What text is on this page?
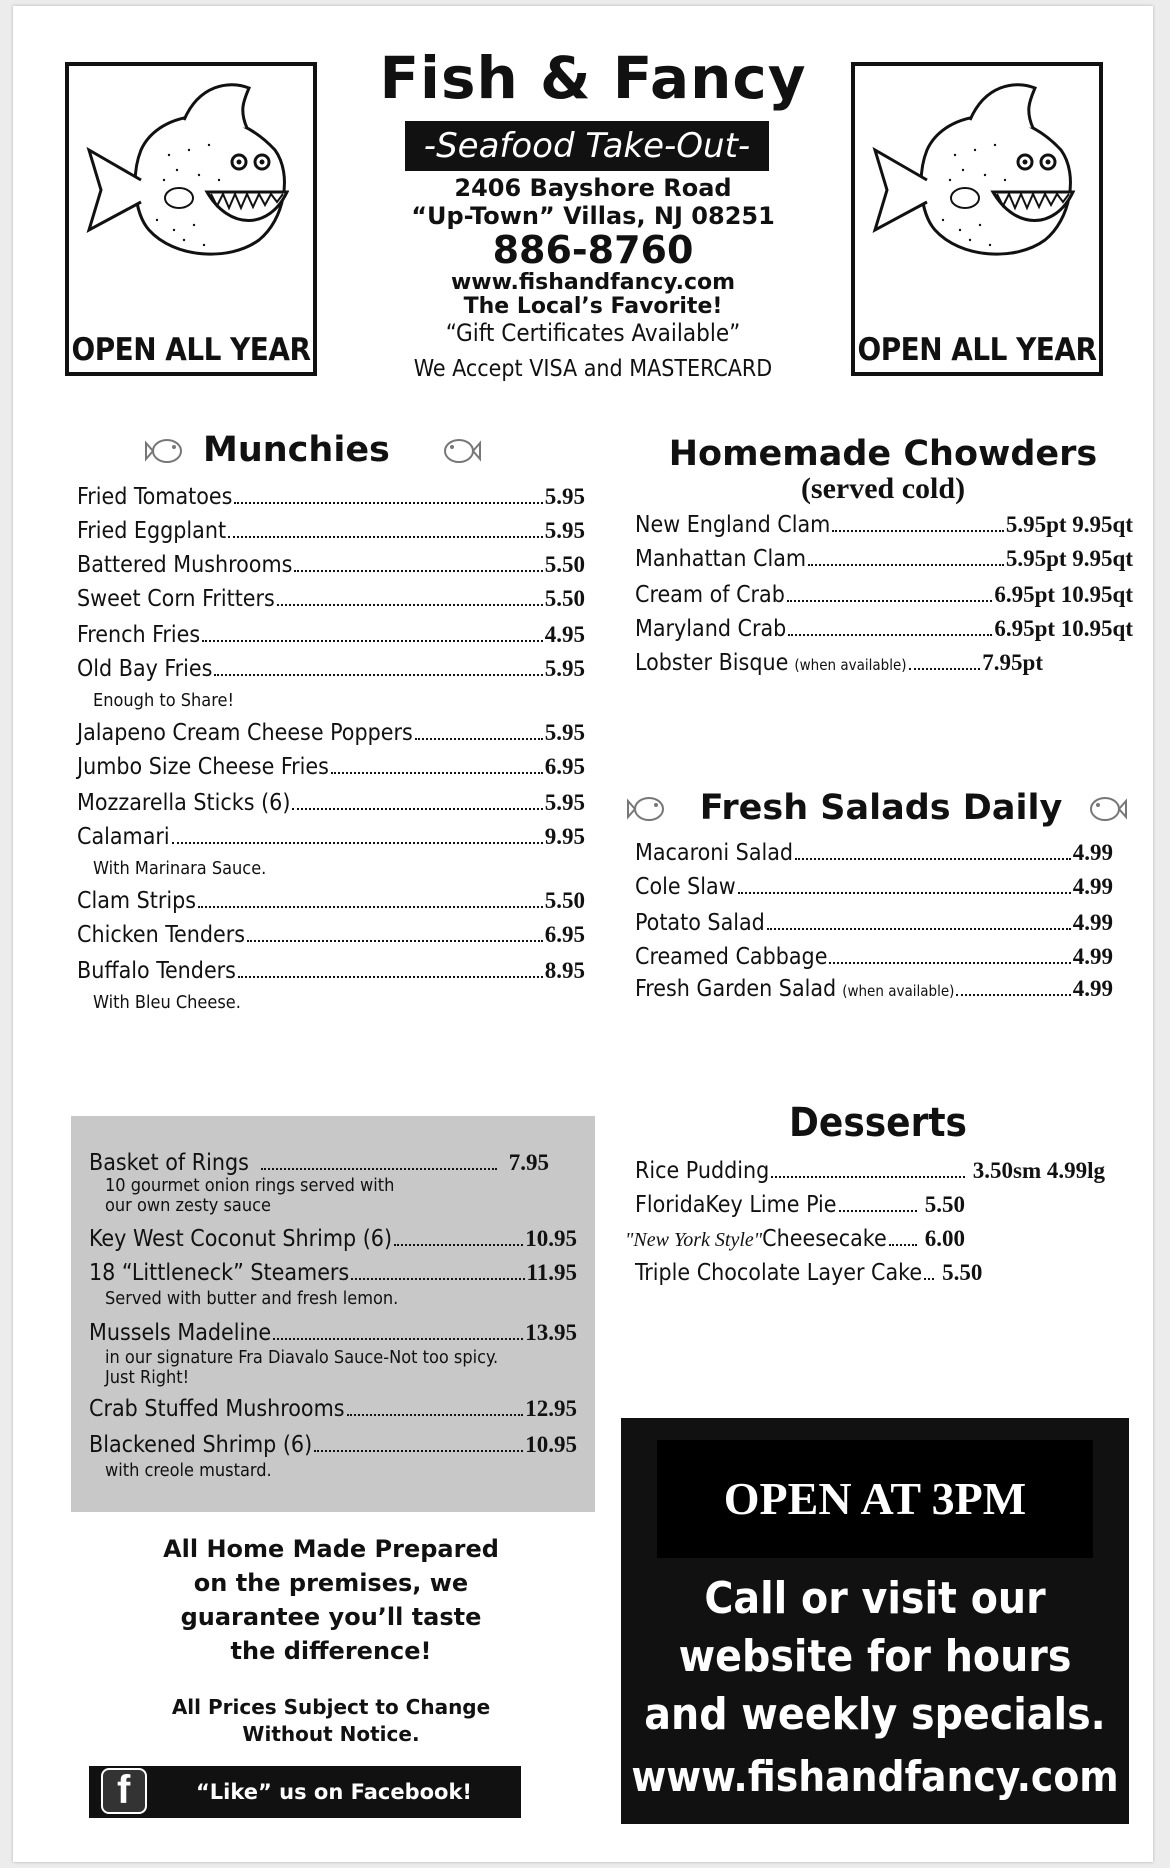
OPEN ALL YEAR	OPEN ALL YEAR
Fish & Fancy
-Seafood Take-Out-
2406 Bayshore Road
“Up-Town” Villas, NJ 08251
886-8760
www.fishandfancy.com
The Local’s Favorite!
“Gift Certificates Available”
We Accept VISA and MASTERCARD
Munchies
Fried Tomatoes	5.95
Fried Eggplant	5.95
Battered Mushrooms	5.50
Sweet Corn Fritters	5.50
French Fries	4.95
Old Bay Fries	5.95
Enough to Share!
Jalapeno Cream Cheese Poppers	5.95
Jumbo Size Cheese Fries	6.95
Mozzarella Sticks (6)	5.95
Calamari	9.95
With Marinara Sauce.
Clam Strips	5.50
Chicken Tenders	6.95
Buffalo Tenders	8.95
With Bleu Cheese.
Homemade Chowders
(served cold)
New England Clam	5.95pt 9.95qt
Manhattan Clam	5.95pt 9.95qt
Cream of Crab	6.95pt 10.95qt
Maryland Crab	6.95pt 10.95qt
Lobster Bisque (when available)	7.95pt
Fresh Salads Daily
Macaroni Salad	4.99
Cole Slaw	4.99
Potato Salad	4.99
Creamed Cabbage	4.99
Fresh Garden Salad (when available)	4.99
Desserts
Rice Pudding	3.50sm 4.99lg
FloridaKey Lime Pie	5.50
"New York Style" Cheesecake 6.00
Triple Chocolate Layer Cake 5.50
Basket of Rings	7.95
10 gourmet onion rings served with
our own zesty sauce
Key West Coconut Shrimp (6)	10.95
18 “Littleneck” Steamers	11.95
Served with butter and fresh lemon.
Mussels Madeline	13.95
in our signature Fra Diavalo Sauce-Not too spicy.
Just Right!
Crab Stuffed Mushrooms	12.95
Blackened Shrimp (6)	10.95
with creole mustard.
All Home Made Prepared
on the premises, we
guarantee you’ll taste
the difference!
All Prices Subject to Change
Without Notice.
f	“Like” us on Facebook!
OPEN AT 3PM
Call or visit our
website for hours
and weekly specials.
www.fishandfancy.com
